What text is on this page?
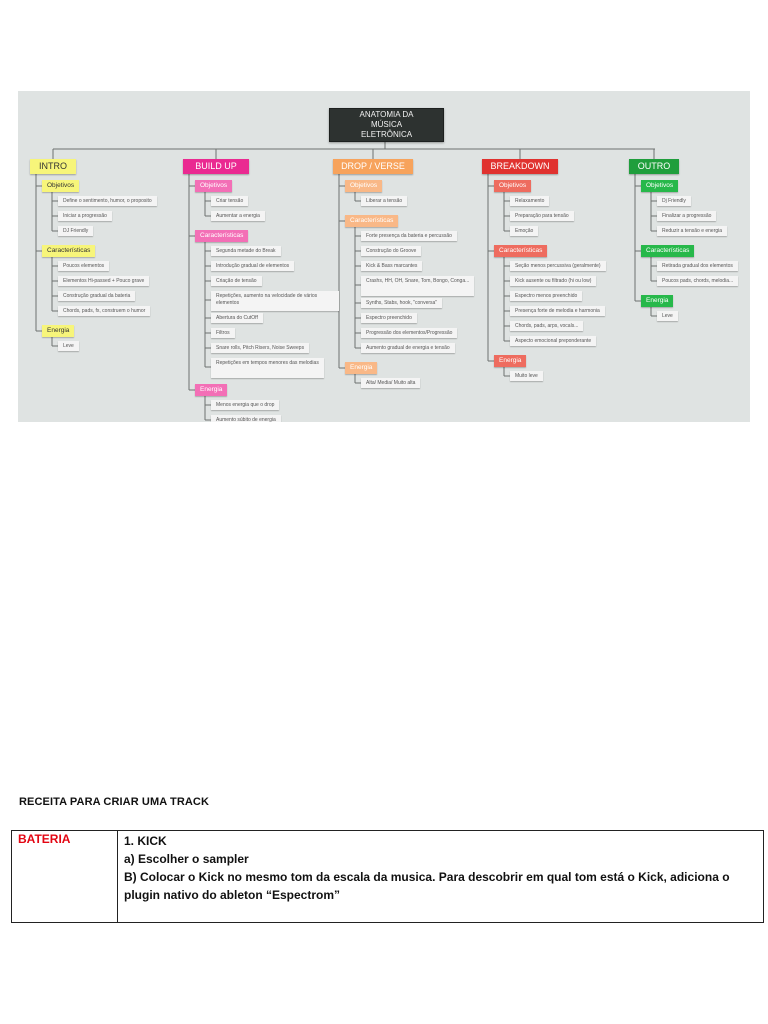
ANATOMIA DA MÚSICA
ELETRÔNICA
INTRO
Objetivos
Define o sentimento, humor, o proposito
Iniciar a progressão
DJ Friendly
Características
Poucos elementos
Elementos Hi-passed + Pouco grave
Construção gradual da bateria
Chords, pads, fx, construem o humor
Energia
Leve
BUILD UP
Objetivos
Criar tensão
Aumentar a energia
Características
Segunda metade do Break
Introdução gradual de elementos
Criação de tensão
Repetições, aumento na velocidade de vários elementos
Abertura do CutOff
Filtros
Snare rolls, Pitch Risers, Noise Sweeps
Repetições em tempos menores das melodias
Energia
Menos energia que o drop
Aumento súbito de energia
DROP / VERSE
Objetivos
Liberar a tensão
Características
Forte presença da bateria e percussão
Construção do Groove
Kick & Bass marcantes
Crashs, HH, OH, Snare, Tom, Bongo, Conga...
Synths, Stabs, hook, "conversa"
Espectro preenchido
Progressão dos elementos/Progressão
Aumento gradual de energia e tensão
Energia
Alta/ Media/ Muito alta
BREAKDOWN
Objetivos
Relaxamento
Preparação para tensão
Emoção
Características
Seção menos percussiva (geralmente)
Kick ausente ou filtrado (hi ou low)
Espectro menos preenchido
Presença forte de melodia e harmonia
Chords, pads, arps, vocals...
Aspecto emocional preponderante
Energia
Muito leve
OUTRO
Objetivos
Dj Friendly
Finalizar a progressão
Reduzir a tensão e energia
Características
Retirada gradual dos elementos
Poucos pads, chords, melodia...
Energia
Leve
RECEITA PARA CRIAR UMA TRACK
BATERIA	1. KICK
a) Escolher o sampler
B) Colocar o Kick no mesmo tom da escala da musica. Para descobrir em qual tom está o Kick, adiciona o plugin nativo do ableton “Espectrom”
